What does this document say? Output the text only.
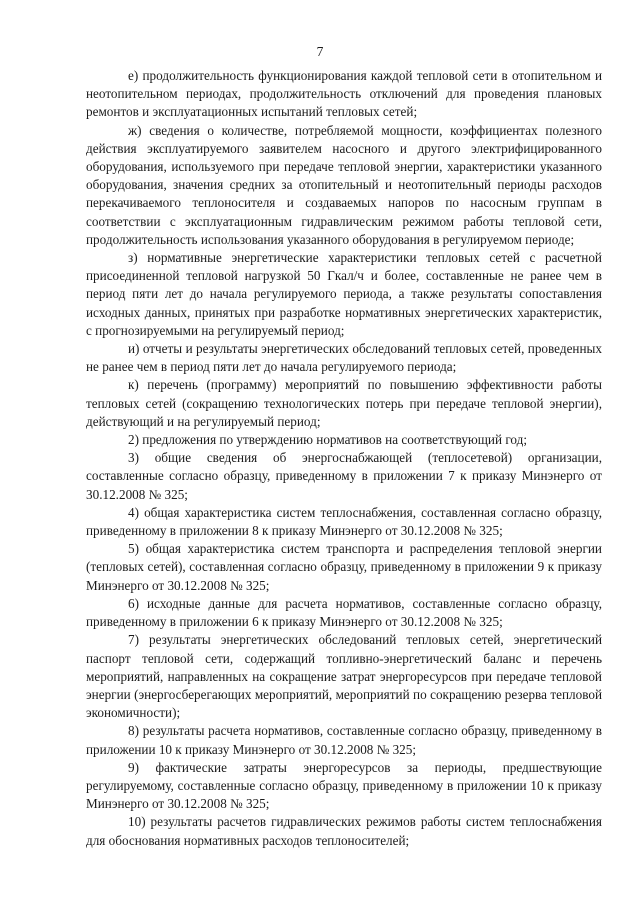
7

е) продолжительность функционирования каждой тепловой сети в отопительном и неотопительном периодах, продолжительность отключений для проведения плановых ремонтов и эксплуатационных испытаний тепловых сетей;

ж) сведения о количестве, потребляемой мощности, коэффициентах полезного действия эксплуатируемого заявителем насосного и другого электрифицированного оборудования, используемого при передаче тепловой энергии, характеристики указанного оборудования, значения средних за отопительный и неотопительный периоды расходов перекачиваемого теплоносителя и создаваемых напоров по насосным группам в соответствии с эксплуатационным гидравлическим режимом работы тепловой сети, продолжительность использования указанного оборудования в регулируемом периоде;

з) нормативные энергетические характеристики тепловых сетей с расчетной присоединенной тепловой нагрузкой 50 Гкал/ч и более, составленные не ранее чем в период пяти лет до начала регулируемого периода, а также результаты сопоставления исходных данных, принятых при разработке нормативных энергетических характеристик, с прогнозируемыми на регулируемый период;

и) отчеты и результаты энергетических обследований тепловых сетей, проведенных не ранее чем в период пяти лет до начала регулируемого периода;

к) перечень (программу) мероприятий по повышению эффективности работы тепловых сетей (сокращению технологических потерь при передаче тепловой энергии), действующий и на регулируемый период;

2) предложения по утверждению нормативов на соответствующий год;

3) общие сведения об энергоснабжающей (теплосетевой) организации, составленные согласно образцу, приведенному в приложении 7 к приказу Минэнерго от 30.12.2008 № 325;

4) общая характеристика систем теплоснабжения, составленная согласно образцу, приведенному в приложении 8 к приказу Минэнерго от 30.12.2008 № 325;

5) общая характеристика систем транспорта и распределения тепловой энергии (тепловых сетей), составленная согласно образцу, приведенному в приложении 9 к приказу Минэнерго от 30.12.2008 № 325;

6) исходные данные для расчета нормативов, составленные согласно образцу, приведенному в приложении 6 к приказу Минэнерго от 30.12.2008 № 325;

7) результаты энергетических обследований тепловых сетей, энергетический паспорт тепловой сети, содержащий топливно-энергетический баланс и перечень мероприятий, направленных на сокращение затрат энергоресурсов при передаче тепловой энергии (энергосберегающих мероприятий, мероприятий по сокращению резерва тепловой экономичности);

8) результаты расчета нормативов, составленные согласно образцу, приведенному в приложении 10 к приказу Минэнерго от 30.12.2008 № 325;

9) фактические затраты энергоресурсов за периоды, предшествующие регулируемому, составленные согласно образцу, приведенному в приложении 10 к приказу Минэнерго от 30.12.2008 № 325;

10) результаты расчетов гидравлических режимов работы систем теплоснабжения для обоснования нормативных расходов теплоносителей;
